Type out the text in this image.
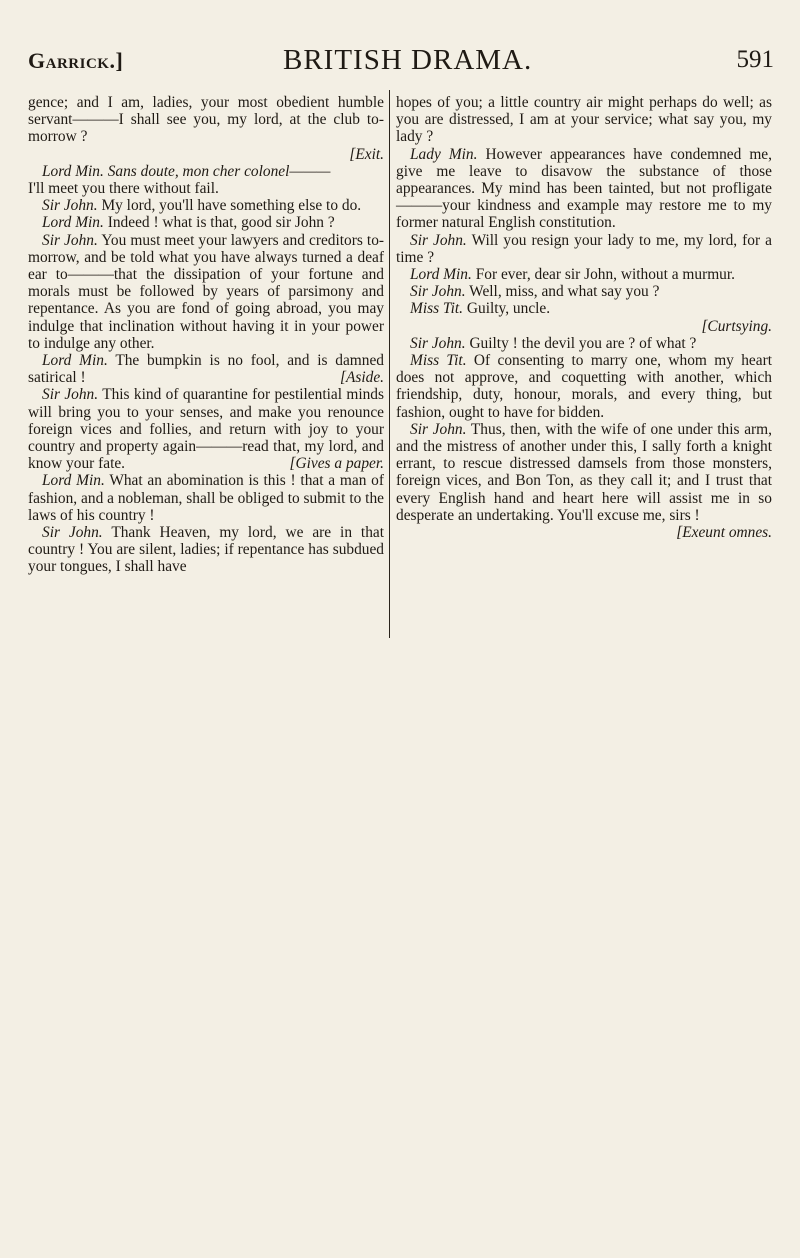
Garrick.]	BRITISH DRAMA.	591

gence; and I am, ladies, your most obedient humble servant———I shall see you, my lord, at the club to-morrow ?

[Exit.

Lord Min. Sans doute, mon cher colonel———

I'll meet you there without fail.

Sir John. My lord, you'll have something else to do.

Lord Min. Indeed ! what is that, good sir John ?

Sir John. You must meet your lawyers and creditors to-morrow, and be told what you have always turned a deaf ear to———that the dissipation of your fortune and morals must be followed by years of parsimony and repentance. As you are fond of going abroad, you may indulge that inclination without having it in your power to indulge any other.

Lord Min. The bumpkin is no fool, and is damned satirical !	[Aside.

Sir John. This kind of quarantine for pestilential minds will bring you to your senses, and make you renounce foreign vices and follies, and return with joy to your country and property again———read that, my lord, and know your fate.	[Gives a paper.

Lord Min. What an abomination is this ! that a man of fashion, and a nobleman, shall be obliged to submit to the laws of his country !

Sir John. Thank Heaven, my lord, we are in that country ! You are silent, ladies; if repentance has subdued your tongues, I shall have

hopes of you; a little country air might perhaps do well; as you are distressed, I am at your service; what say you, my lady ?

Lady Min. However appearances have condemned me, give me leave to disavow the substance of those appearances. My mind has been tainted, but not profligate———your kindness and example may restore me to my former natural English constitution.

Sir John. Will you resign your lady to me, my lord, for a time ?

Lord Min. For ever, dear sir John, without a murmur.

Sir John. Well, miss, and what say you ?

Miss Tit. Guilty, uncle.

[Curtsying.

Sir John. Guilty ! the devil you are ? of what ?

Miss Tit. Of consenting to marry one, whom my heart does not approve, and coquetting with another, which friendship, duty, honour, morals, and every thing, but fashion, ought to have for bidden.

Sir John. Thus, then, with the wife of one under this arm, and the mistress of another under this, I sally forth a knight errant, to rescue distressed damsels from those monsters, foreign vices, and Bon Ton, as they call it; and I trust that every English hand and heart here will assist me in so desperate an undertaking. You'll excuse me, sirs !

[Exeunt omnes.
